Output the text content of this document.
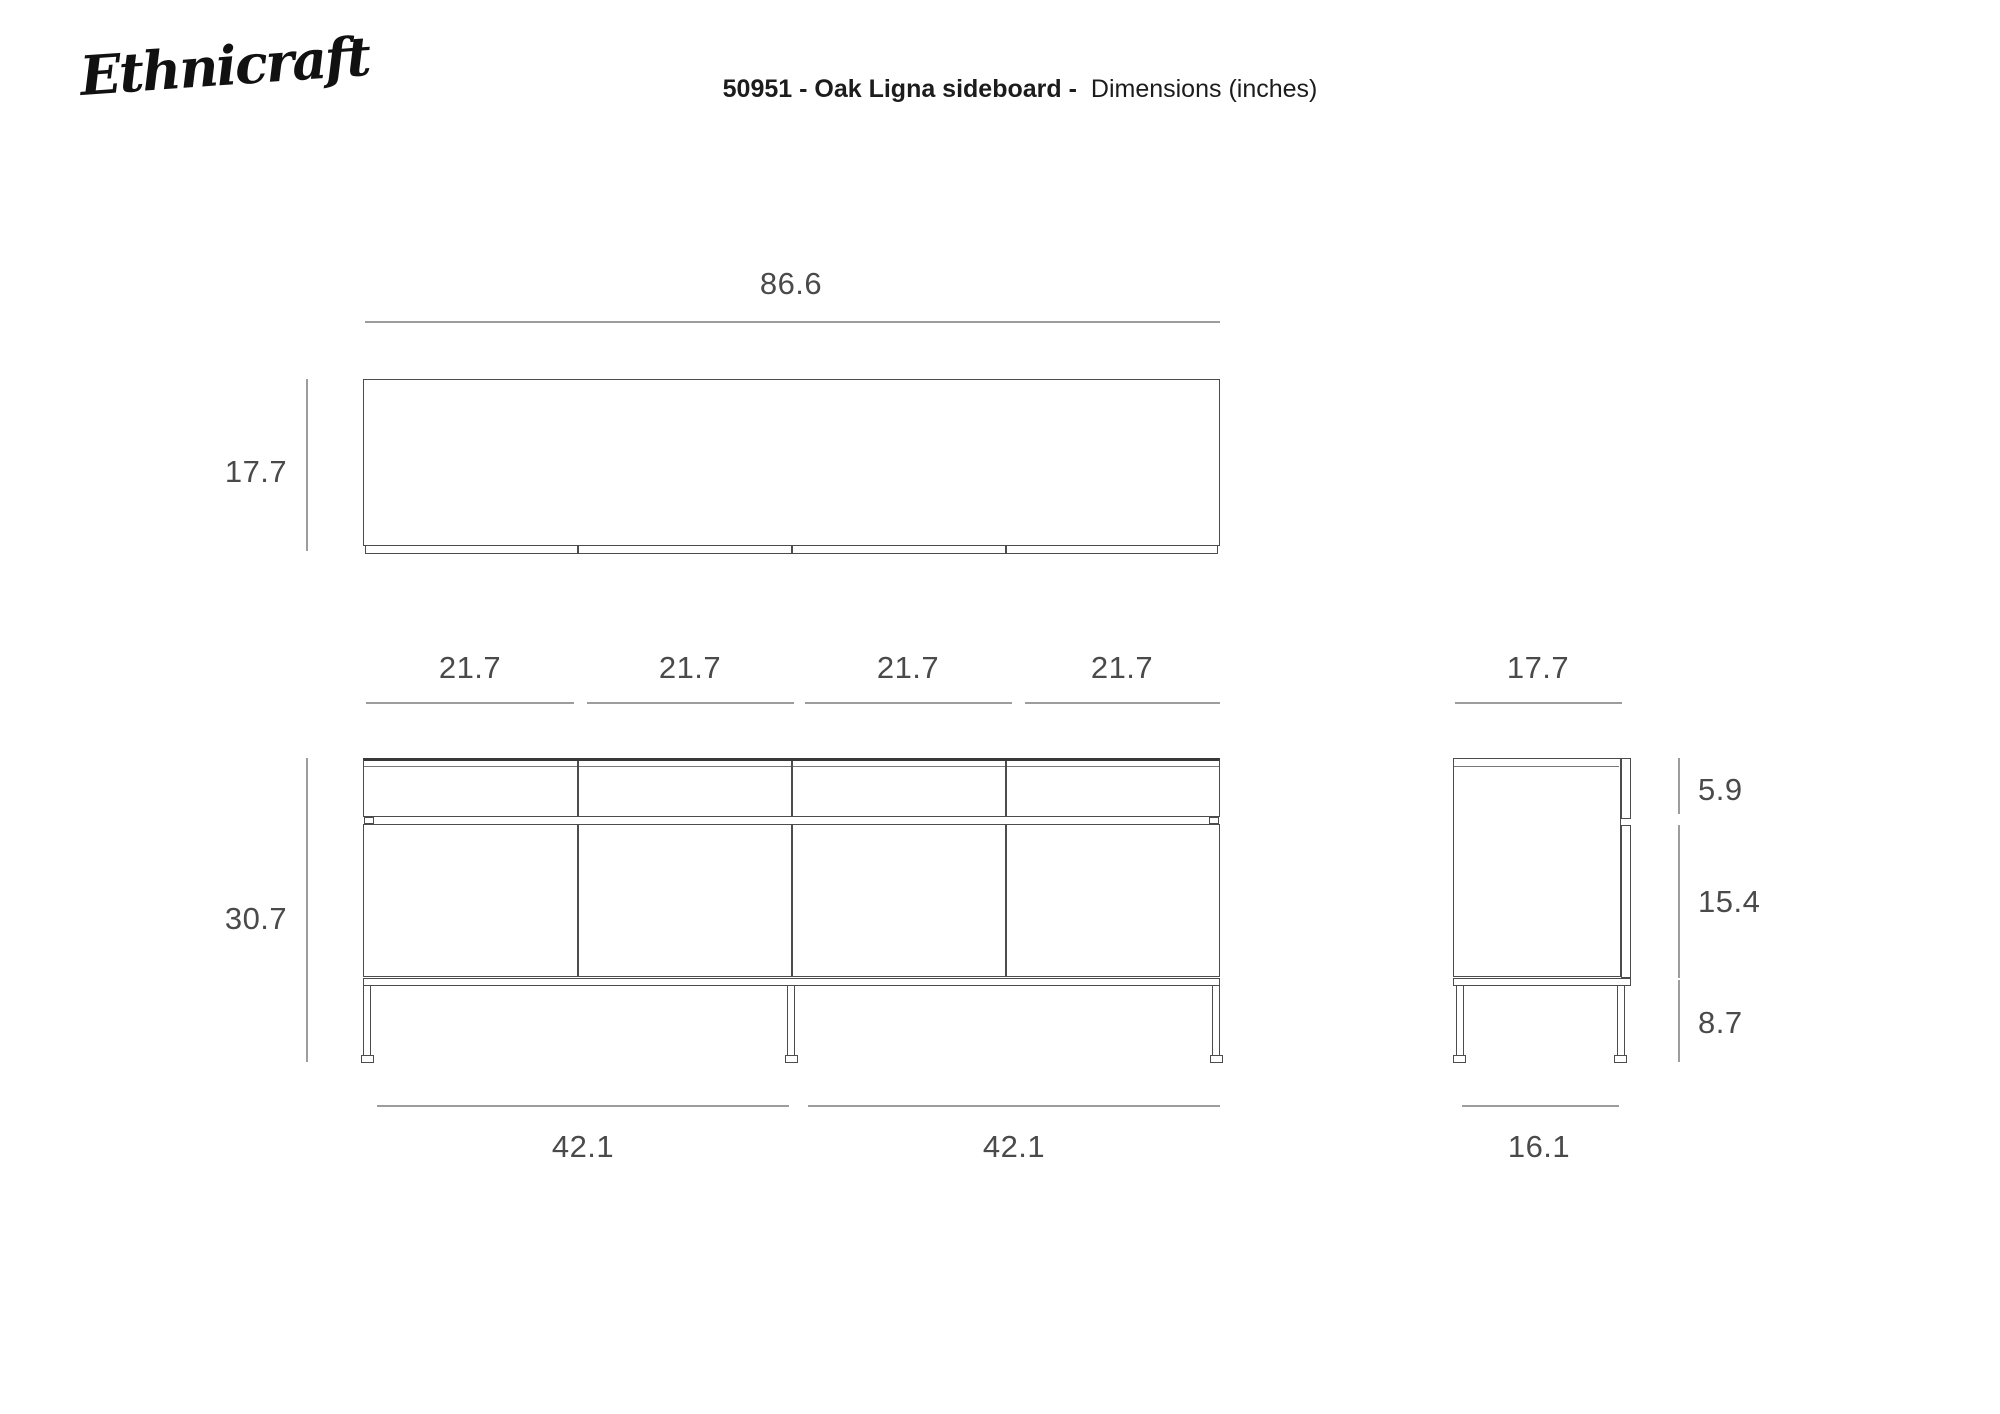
Ethnicraft	50951 - Oak Ligna sideboard - Dimensions (inches)
86.6
17.7
21.7	21.7	21.7	21.7
30.7
42.1	42.1
17.7
5.9
15.4
8.7
16.1
